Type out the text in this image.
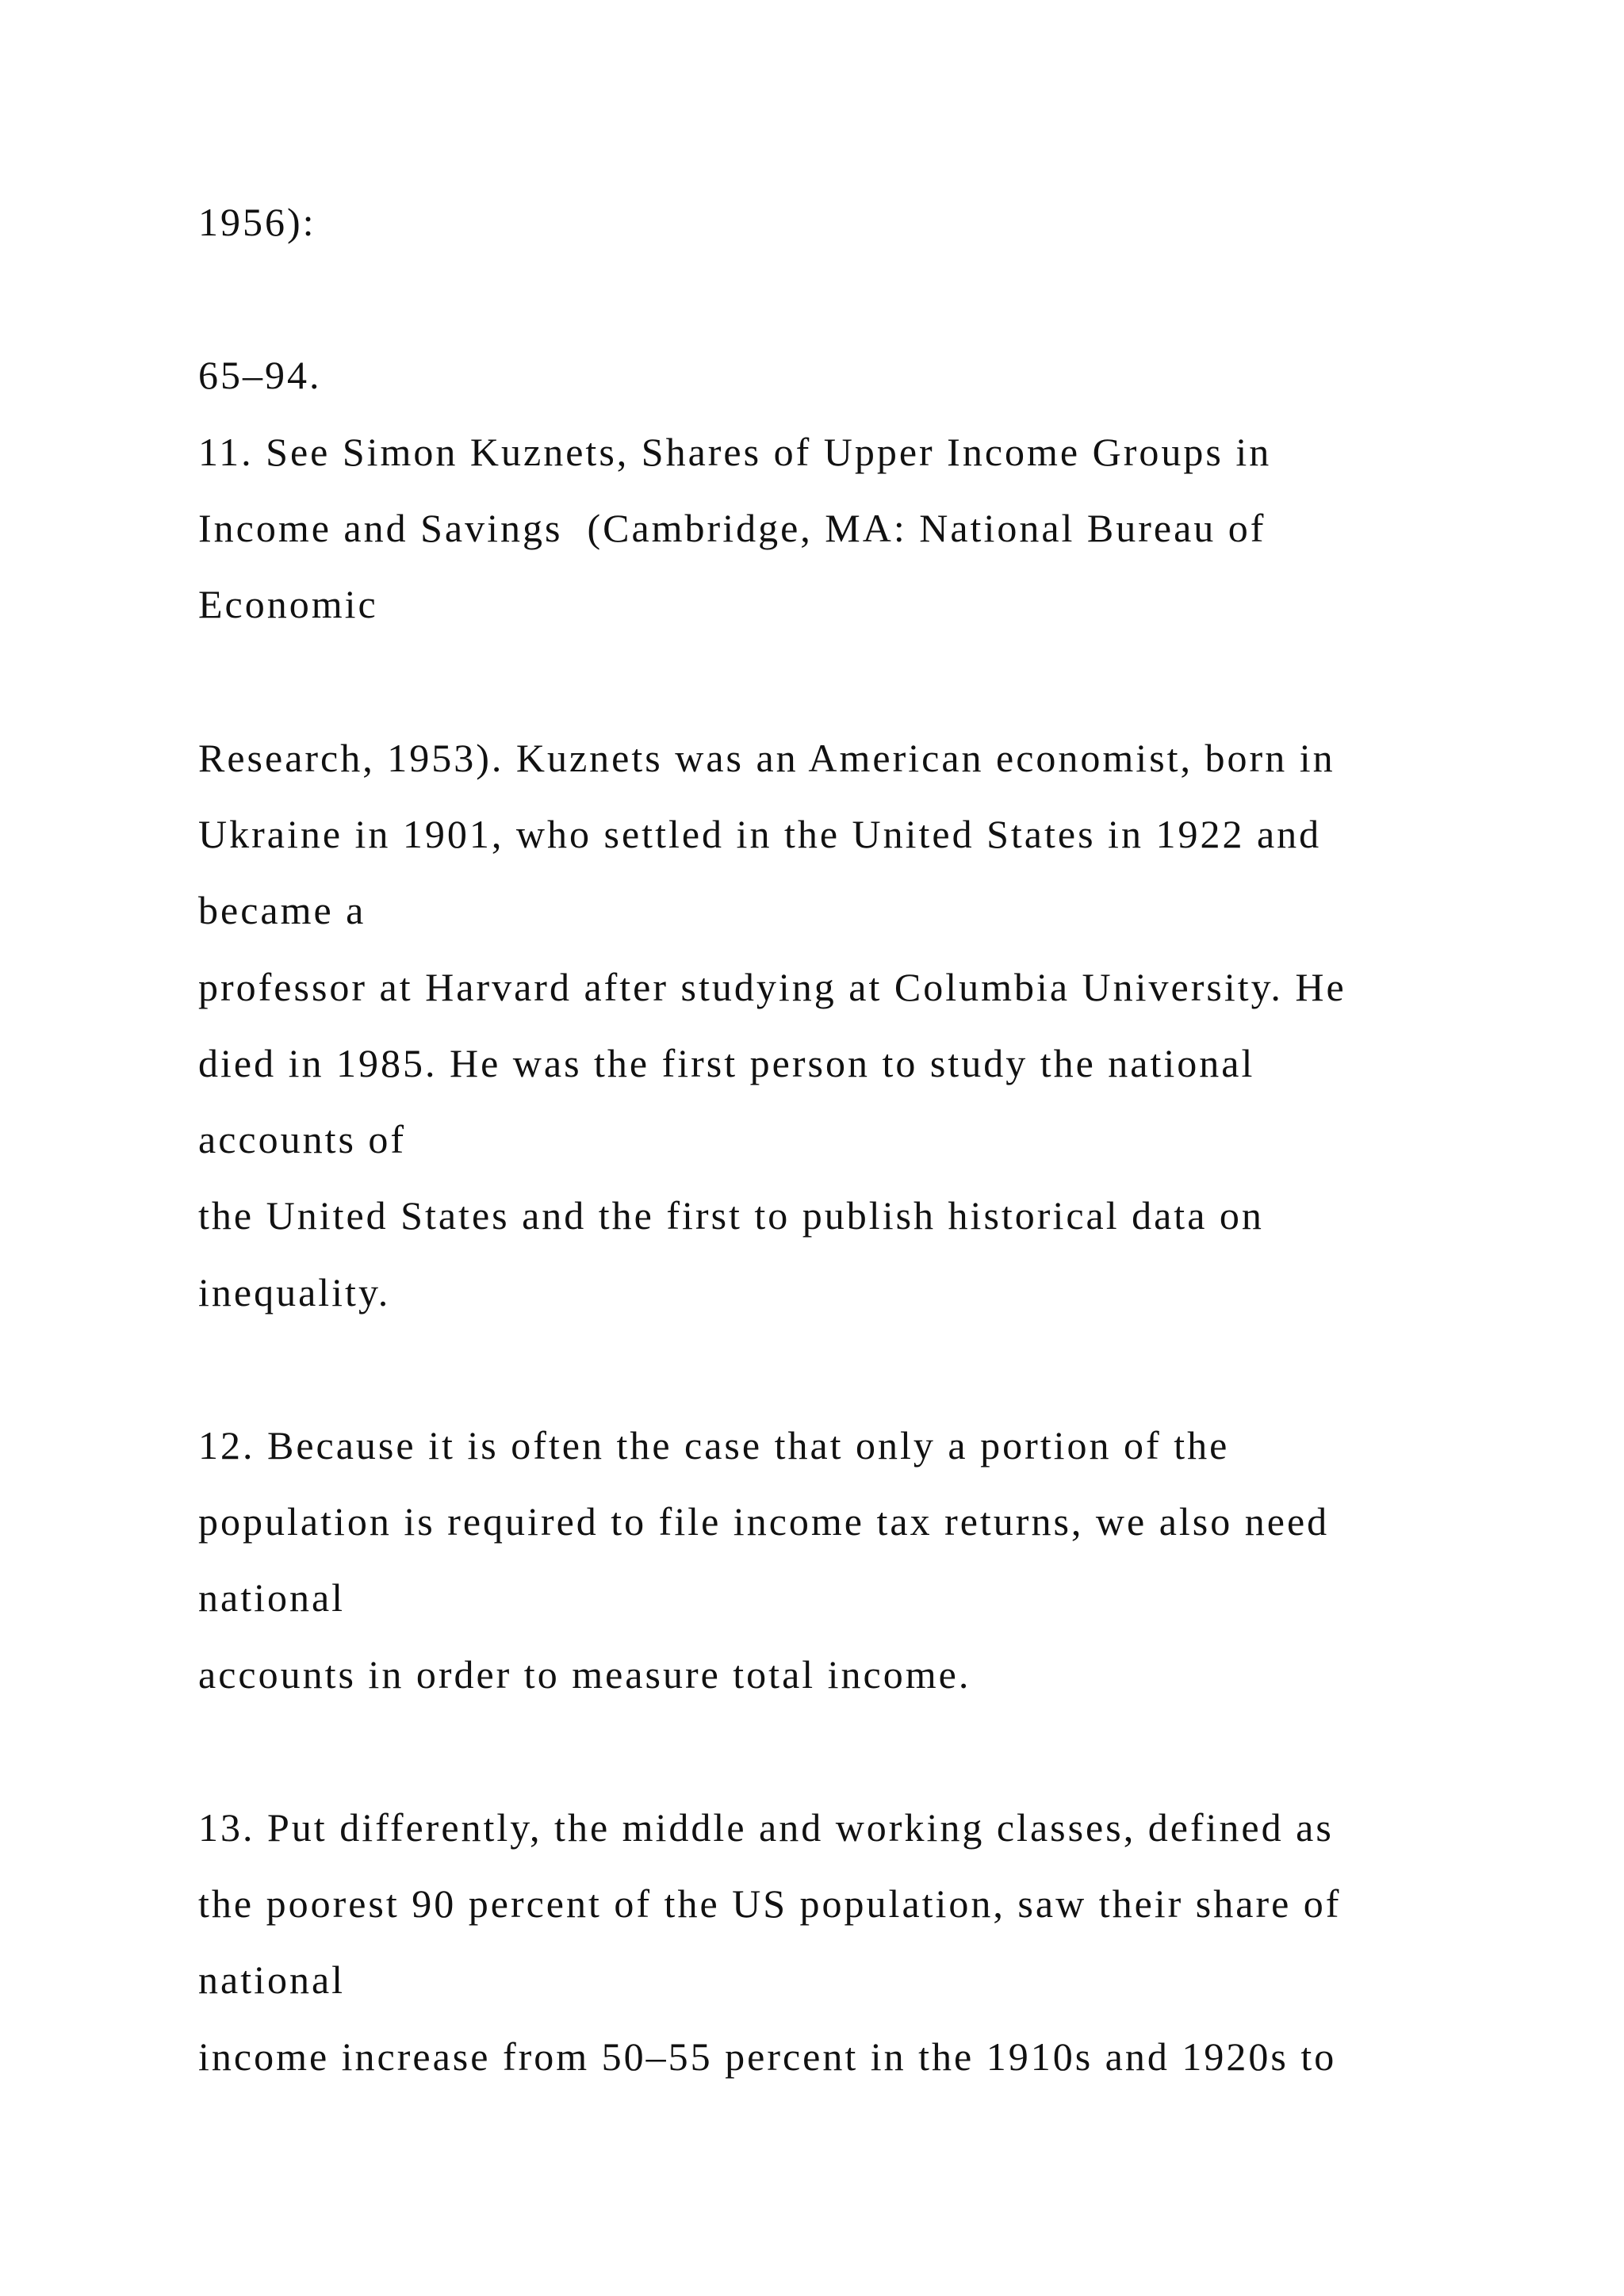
1956):

65–94.

11. See Simon Kuznets, Shares of Upper Income Groups in

Income and Savings  (Cambridge, MA: National Bureau of

Economic

Research, 1953). Kuznets was an American economist, born in

Ukraine in 1901, who settled in the United States in 1922 and

became a

professor at Harvard after studying at Columbia University. He

died in 1985. He was the first person to study the national

accounts of

the United States and the first to publish historical data on

inequality.

12. Because it is often the case that only a portion of the

population is required to file income tax returns, we also need

national

accounts in order to measure total income.

13. Put differently, the middle and working classes, defined as

the poorest 90 percent of the US population, saw their share of

national

income increase from 50–55 percent in the 1910s and 1920s to
